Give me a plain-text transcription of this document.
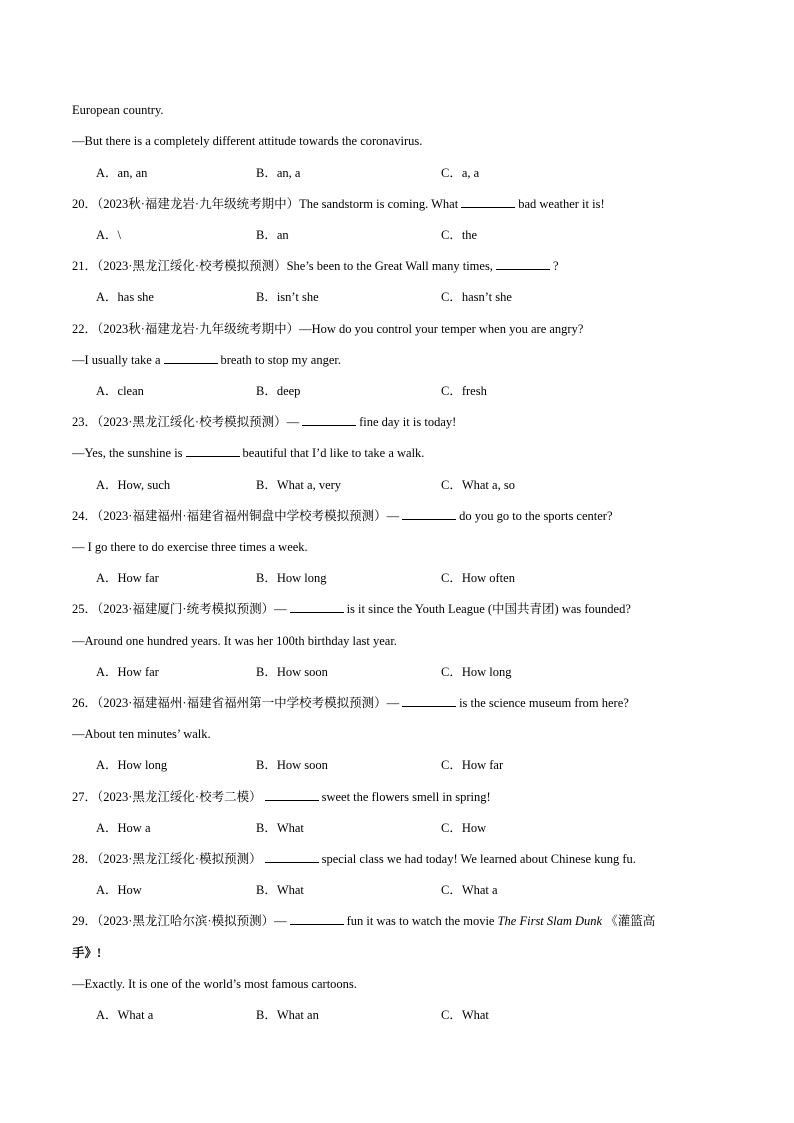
European country.
—But there is a completely different attitude towards the coronavirus.
A．an, an	B．an, a	C．a, a
20．（2023秋·福建龙岩·九年级统考期中）The sandstorm is coming. What	bad weather it is!
A．\	B．an	C．the
21．（2023·黑龙江绥化·校考模拟预测）She’s been to the Great Wall many times,	?
A．has she	B．isn’t she	C．hasn’t she
22．（2023秋·福建龙岩·九年级统考期中）—How do you control your temper when you are angry?
—I usually take a	breath to stop my anger.
A．clean	B．deep	C．fresh
23．（2023·黑龙江绥化·校考模拟预测）—	fine day it is today!
—Yes, the sunshine is	beautiful that I’d like to take a walk.
A．How, such	B．What a, very	C．What a, so
24．（2023·福建福州·福建省福州铜盘中学校考模拟预测）—	do you go to the sports center?
— I go there to do exercise three times a week.
A．How far	B．How long	C．How often
25．（2023·福建厦门·统考模拟预测）—	is it since the Youth League (中国共青团) was founded?
—Around one hundred years. It was her 100th birthday last year.
A．How far	B．How soon	C．How long
26．（2023·福建福州·福建省福州第一中学校考模拟预测）—	is the science museum from here?
—About ten minutes’ walk.
A．How long	B．How soon	C．How far
27．（2023·黑龙江绥化·校考二模）	sweet the flowers smell in spring!
A．How a	B．What	C．How
28．（2023·黑龙江绥化·模拟预测）	special class we had today! We learned about Chinese kung fu.
A．How	B．What	C．What a
29．（2023·黑龙江哈尔滨·模拟预测）—	fun it was to watch the movie The First Slam Dunk 《灌篮高
手》!
—Exactly. It is one of the world’s most famous cartoons.
A．What a	B．What an	C．What
